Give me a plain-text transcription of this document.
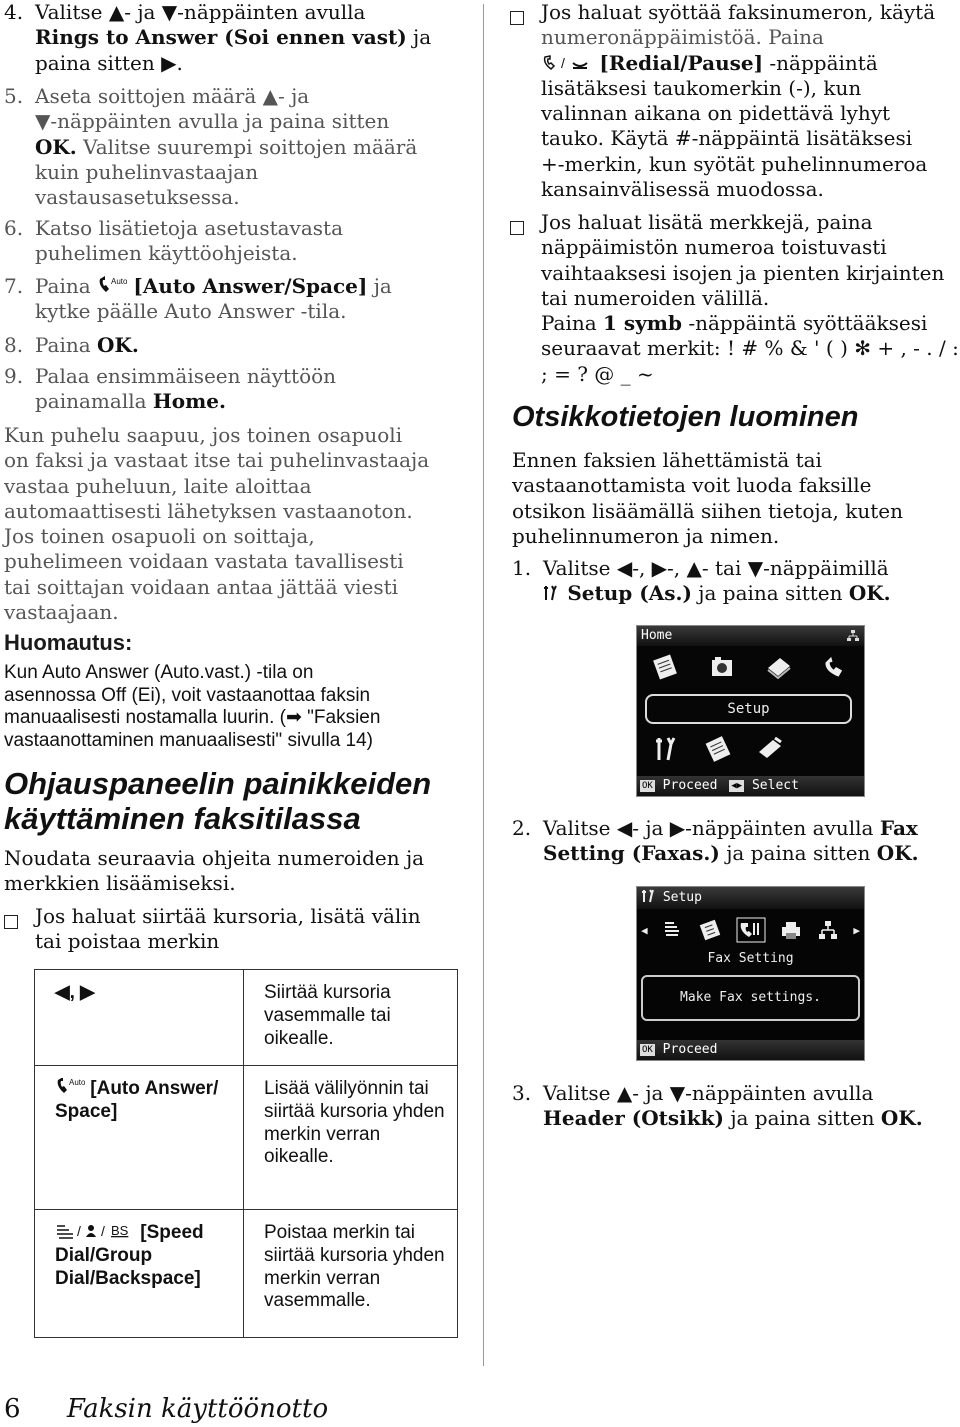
4. Valitse ▲- ja ▼-näppäinten avulla
Rings to Answer (Soi ennen vast) ja paina sitten ▶.
5. Aseta soittojen määrä ▲- ja
▼-näppäinten avulla ja paina sitten
OK. Valitse suurempi soittojen määrä
kuin puhelinvastaajan
vastausasetuksessa.
6. Katso lisätietoja asetustavasta
puhelimen käyttöohjeista.
7. Paina	Auto [Auto Answer/Space] ja
kytke päälle Auto Answer -tila.
8. Paina OK.
9. Palaa ensimmäiseen näyttöön
painamalla Home.
Kun puhelu saapuu, jos toinen osapuoli
on faksi ja vastaat itse tai puhelinvastaaja
vastaa puheluun, laite aloittaa
automaattisesti lähetyksen vastaanoton.
Jos toinen osapuoli on soittaja,
puhelimeen voidaan vastata tavallisesti
tai soittajan voidaan antaa jättää viesti
vastaajaan.
Huomautus:
Kun Auto Answer (Auto.vast.) -tila on
asennossa Off (Ei), voit vastaanottaa faksin
manuaalisesti nostamalla luurin. (➡ "Faksien
vastaanottaminen manuaalisesti" sivulla 14)
Ohjauspaneelin painikkeiden
käyttäminen faksitilassa
Noudata seuraavia ohjeita numeroiden ja
merkkien lisäämiseksi.
Jos haluat siirtää kursoria, lisätä välin
tai poistaa merkin
◀, ▶	Siirtää kursoria vasemmalle tai oikealle.

Auto [Auto Answer/ Space]	Lisää välilyönnin tai siirtää kursoria yhden merkin verran oikealle.

/ / BS [Speed Dial/Group Dial/Backspace]	Poistaa merkin tai siirtää kursoria yhden merkin verran vasemmalle.
Jos haluat syöttää faksinumeron, käytä
numeronäppäimistöä. Paina

/ [Redial/Pause] -näppäintä
lisätäksesi taukomerkin (-), kun
valinnan aikana on pidettävä lyhyt
tauko. Käytä #-näppäintä lisätäksesi
+-merkin, kun syötät puhelinnumeroa
kansainvälisessä muodossa.
Jos haluat lisätä merkkejä, paina
näppäimistön numeroa toistuvasti
vaihtaaksesi isojen ja pienten kirjainten
tai numeroiden välillä.
Paina 1 symb -näppäintä syöttääksesi
seuraavat merkit: ! # % & ' ( ) ✻ + , - . / :
; = ? @ _ ~
Otsikkotietojen luominen
Ennen faksien lähettämistä tai
vastaanottamista voit luoda faksille
otsikon lisäämällä siihen tietoja, kuten
puhelinnumeron ja nimen.
1. Valitse ◀-, ▶-, ▲- tai ▼-näppäimillä
Setup (As.) ja paina sitten OK.
Home
Setup
OK Proceed ◀▶ Select
2. Valitse ◀- ja ▶-näppäinten avulla Fax
Setting (Faxas.) ja paina sitten OK.
Setup
◀	▶
Fax Setting
Make Fax settings.
OK Proceed
3. Valitse ▲- ja ▼-näppäinten avulla
Header (Otsikk) ja paina sitten OK.
6 Faksin käyttöönotto
